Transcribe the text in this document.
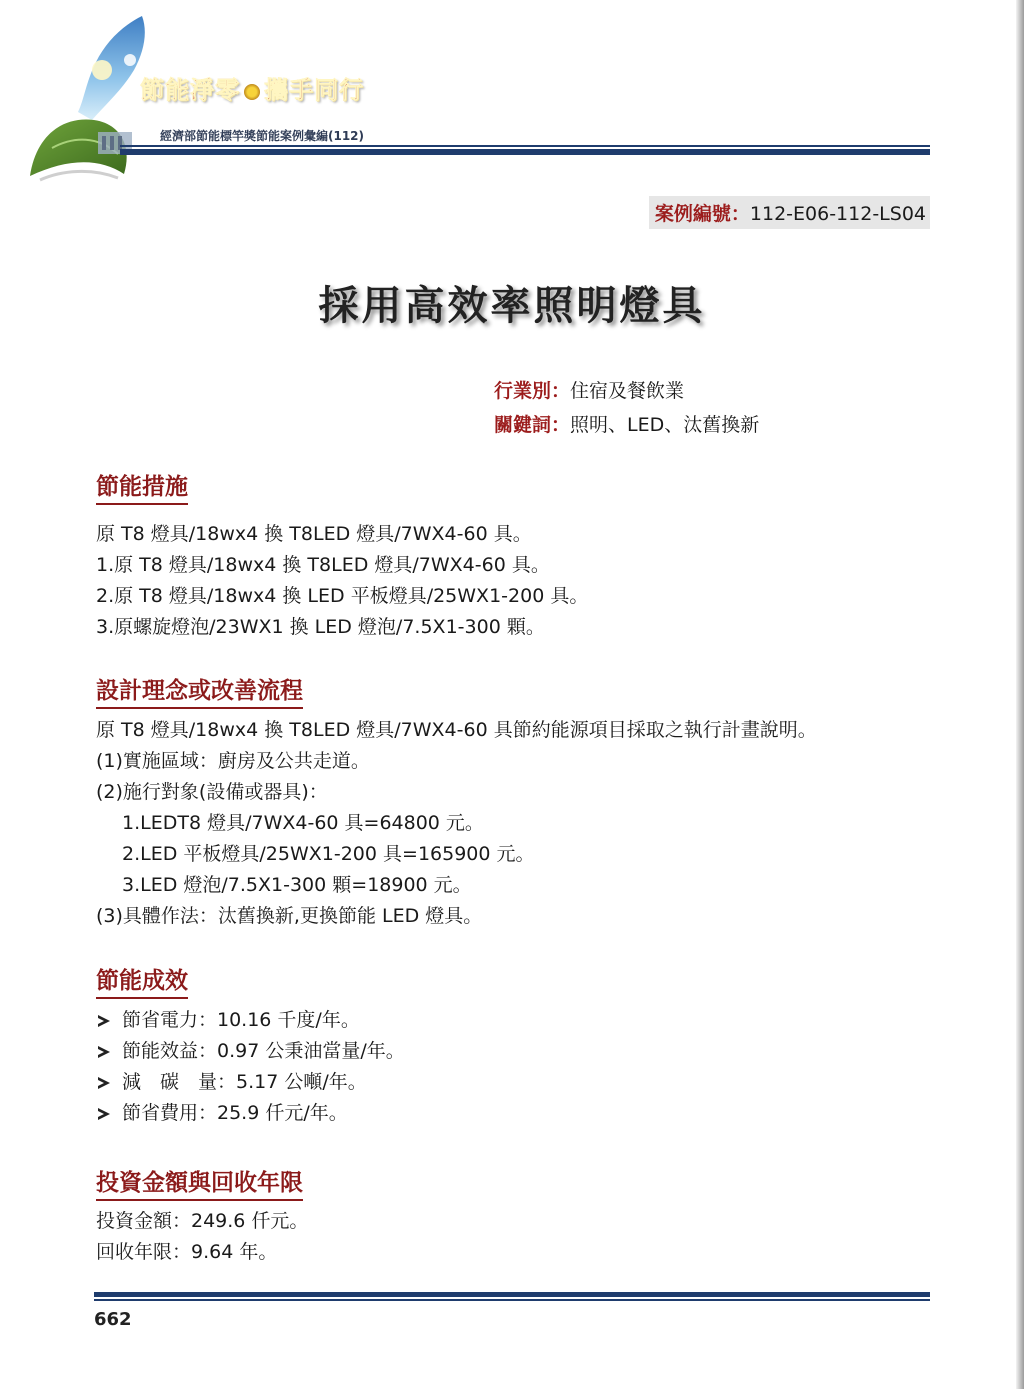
節能淨零 攜手同行
經濟部節能標竿獎節能案例彙編(112)
案例編號：112-E06-112-LS04
採用高效率照明燈具
行業別：住宿及餐飲業
關鍵詞：照明、LED、汰舊換新
節能措施
原 T8 燈具/18wx4 換 T8LED 燈具/7WX4-60 具。
1.原 T8 燈具/18wx4 換 T8LED 燈具/7WX4-60 具。
2.原 T8 燈具/18wx4 換 LED 平板燈具/25WX1-200 具。
3.原螺旋燈泡/23WX1 換 LED 燈泡/7.5X1-300 顆。
設計理念或改善流程
原 T8 燈具/18wx4 換 T8LED 燈具/7WX4-60 具節約能源項目採取之執行計畫說明。
(1)實施區域：廚房及公共走道。
(2)施行對象(設備或器具)：
1.LEDT8 燈具/7WX4-60 具=64800 元。
2.LED 平板燈具/25WX1-200 具=165900 元。
3.LED 燈泡/7.5X1-300 顆=18900 元。
(3)具體作法：汰舊換新,更換節能 LED 燈具。
節能成效
節省電力：10.16 千度/年。
節能效益：0.97 公秉油當量/年。
減　碳　量：5.17 公噸/年。
節省費用：25.9 仟元/年。
投資金額與回收年限
投資金額：249.6 仟元。
回收年限：9.64 年。
662
